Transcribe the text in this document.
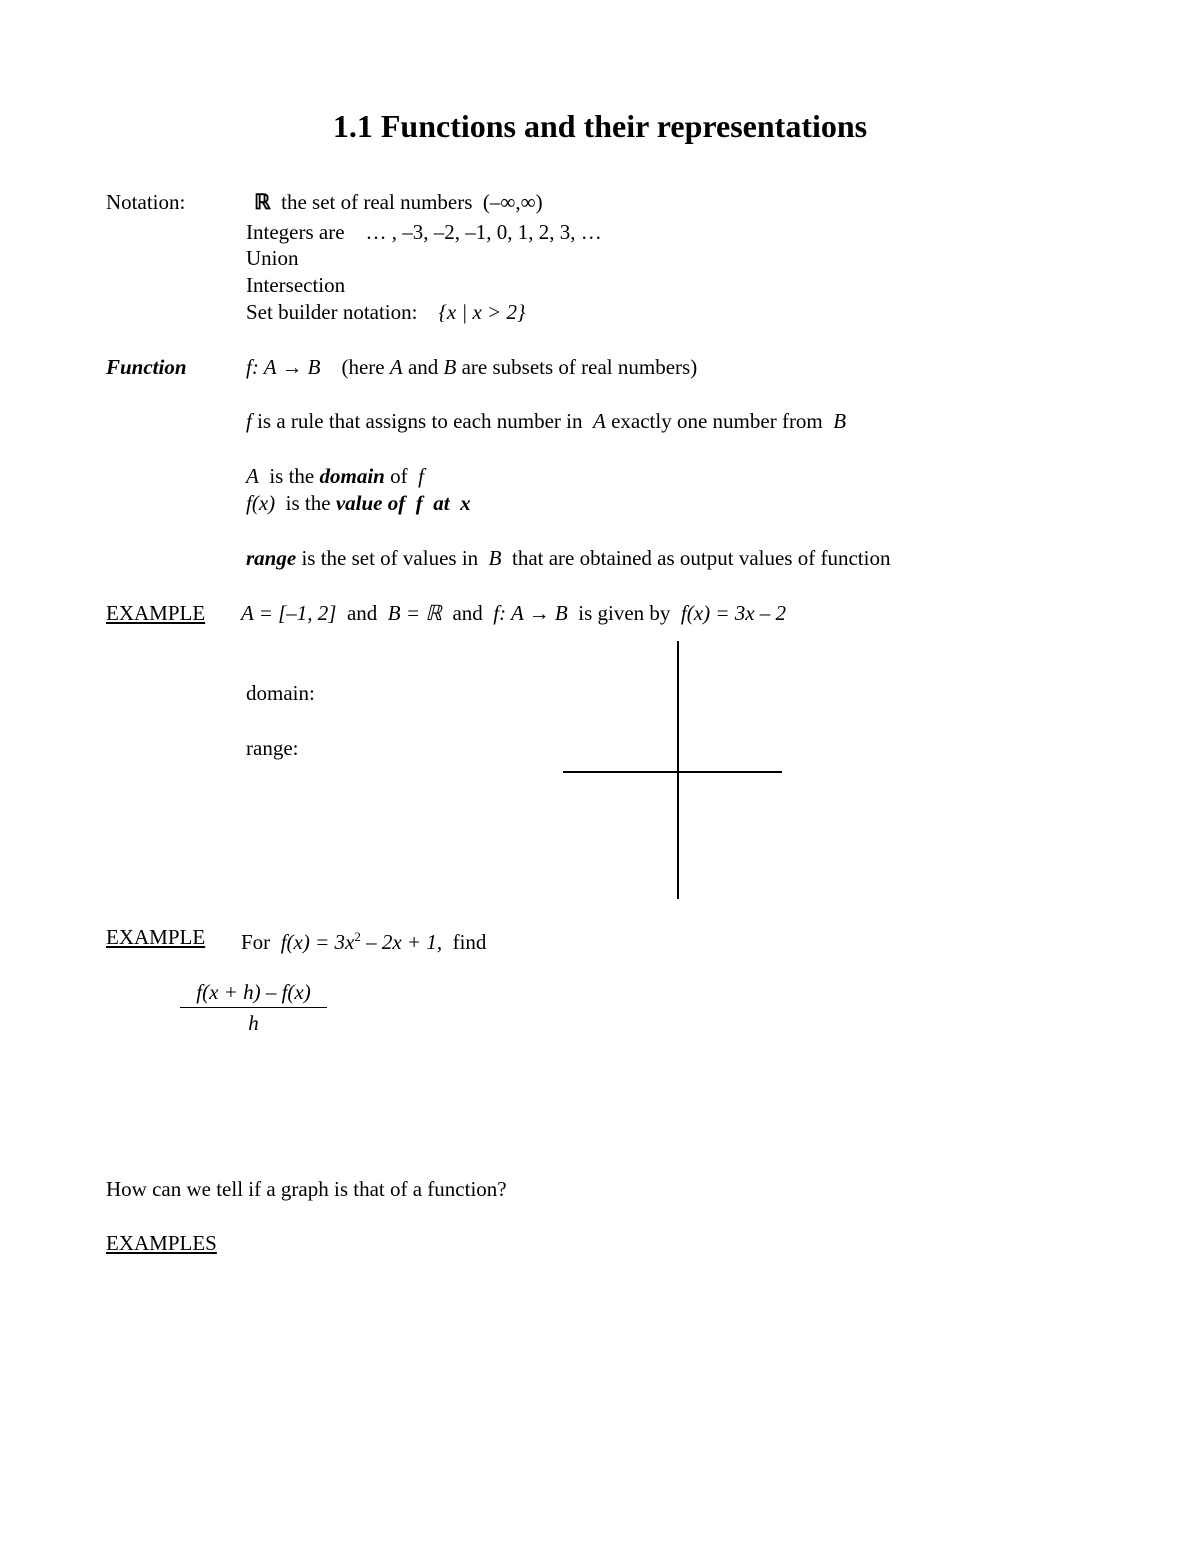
1.1 Functions and their representations
Notation:	ℝ the set of real numbers (–∞,∞)
Integers are … , –3, –2, –1, 0, 1, 2, 3, …
Union
Intersection
Set builder notation: {x | x > 2}
Function	f: A → B (here A and B are subsets of real numbers)
f is a rule that assigns to each number in A exactly one number from B
A is the domain of f
f(x) is the value of f at x
range is the set of values in B that are obtained as output values of function
EXAMPLE A = [–1, 2] and B = ℝ and f: A → B is given by f(x) = 3x – 2
domain:
range:
EXAMPLE For $f(x) = 3x^2 - 2x + 1$, find
$\frac{f(x + h) - f(x)}{h}$
How can we tell if a graph is that of a function?
EXAMPLES
